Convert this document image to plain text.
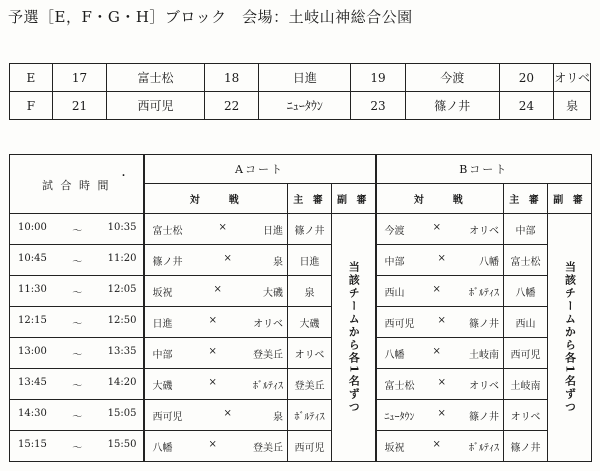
予選［E，F・G・H］ブロック　会場：土岐山神総合公園
E	17	富士松	18	日進	19	今渡	20	オリベ
F	21	西可児	22	ﾆｭｰﾀｳﾝ	23	篠ノ井	24	泉
・
試 合 時 間	Aコート			Bコート		
	対　　戦	主 審	副 審	対　　戦	主 審	副 審

10:00 〜 10:35	富士松 × 日進	篠ノ井	当該チームから各1名ずつ	今渡 × オリベ	中部	当該チームから各1名ずつ

10:45 〜 11:20	篠ノ井 × 泉	日進		中部 × 八幡	富士松	

11:30 〜 12:05	坂祝 × 大磯	泉		西山 × ﾎﾞﾙﾃｨｽ	八幡	

12:15 〜 12:50	日進 × オリベ	大磯		西可児 × 篠ノ井	西山	

13:00 〜 13:35	中部 × 登美丘	オリベ		八幡 × 土岐南	西可児	

13:45 〜 14:20	大磯 × ﾎﾞﾙﾃｨｽ	登美丘		富士松 × オリベ	土岐南	

14:30 〜 15:05	西可児 × 泉	ﾎﾞﾙﾃｨｽ		ﾆｭｰﾀｳﾝ × 篠ノ井	オリベ	

15:15 〜 15:50	八幡 × 登美丘	西可児		坂祝 × ﾎﾞﾙﾃｨｽ	篠ノ井	
